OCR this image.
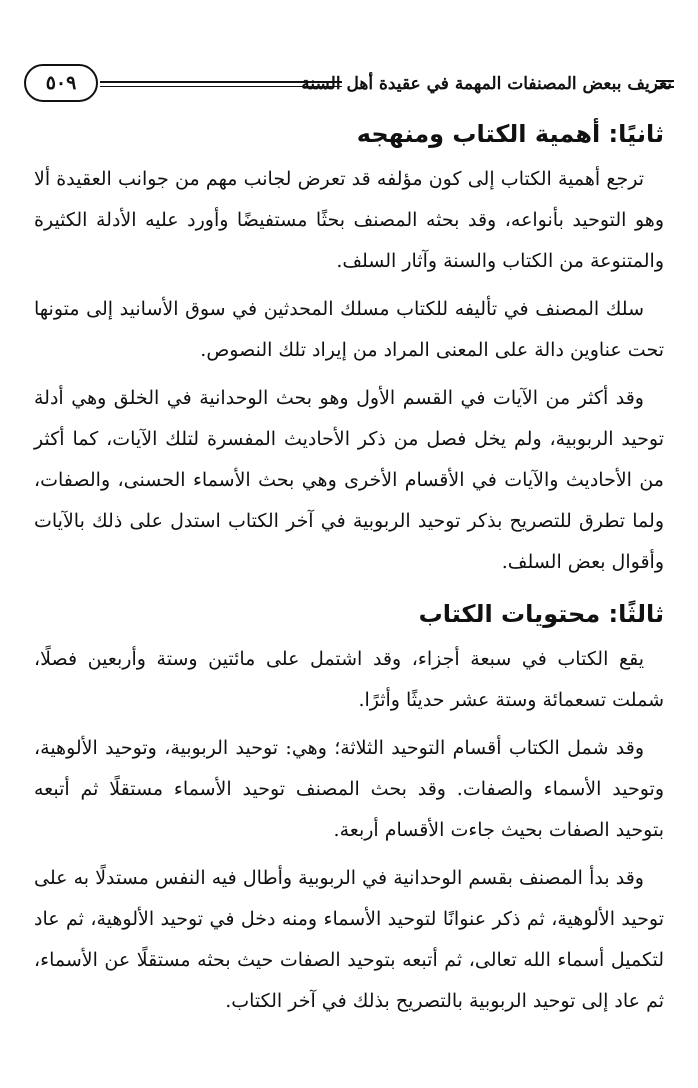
تعريف ببعض المصنفات المهمة في عقيدة أهل السنة
٥٠٩
ثانيًا: أهمية الكتاب ومنهجه

ترجع أهمية الكتاب إلى كون مؤلفه قد تعرض لجانب مهم من جوانب العقيدة ألا وهو التوحيد بأنواعه، وقد بحثه المصنف بحثًا مستفيضًا وأورد عليه الأدلة الكثيرة والمتنوعة من الكتاب والسنة وآثار السلف.

سلك المصنف في تأليفه للكتاب مسلك المحدثين في سوق الأسانيد إلى متونها تحت عناوين دالة على المعنى المراد من إيراد تلك النصوص.

وقد أكثر من الآيات في القسم الأول وهو بحث الوحدانية في الخلق وهي أدلة توحيد الربوبية، ولم يخل فصل من ذكر الأحاديث المفسرة لتلك الآيات، كما أكثر من الأحاديث والآيات في الأقسام الأخرى وهي بحث الأسماء الحسنى، والصفات، ولما تطرق للتصريح بذكر توحيد الربوبية في آخر الكتاب استدل على ذلك بالآيات وأقوال بعض السلف.

ثالثًا: محتويات الكتاب

يقع الكتاب في سبعة أجزاء، وقد اشتمل على مائتين وستة وأربعين فصلًا، شملت تسعمائة وستة عشر حديثًا وأثرًا.

وقد شمل الكتاب أقسام التوحيد الثلاثة؛ وهي: توحيد الربوبية، وتوحيد الألوهية، وتوحيد الأسماء والصفات. وقد بحث المصنف توحيد الأسماء مستقلًا ثم أتبعه بتوحيد الصفات بحيث جاءت الأقسام أربعة.

وقد بدأ المصنف بقسم الوحدانية في الربوبية وأطال فيه النفس مستدلًا به على توحيد الألوهية، ثم ذكر عنوانًا لتوحيد الأسماء ومنه دخل في توحيد الألوهية، ثم عاد لتكميل أسماء الله تعالى، ثم أتبعه بتوحيد الصفات حيث بحثه مستقلًا عن الأسماء، ثم عاد إلى توحيد الربوبية بالتصريح بذلك في آخر الكتاب.
